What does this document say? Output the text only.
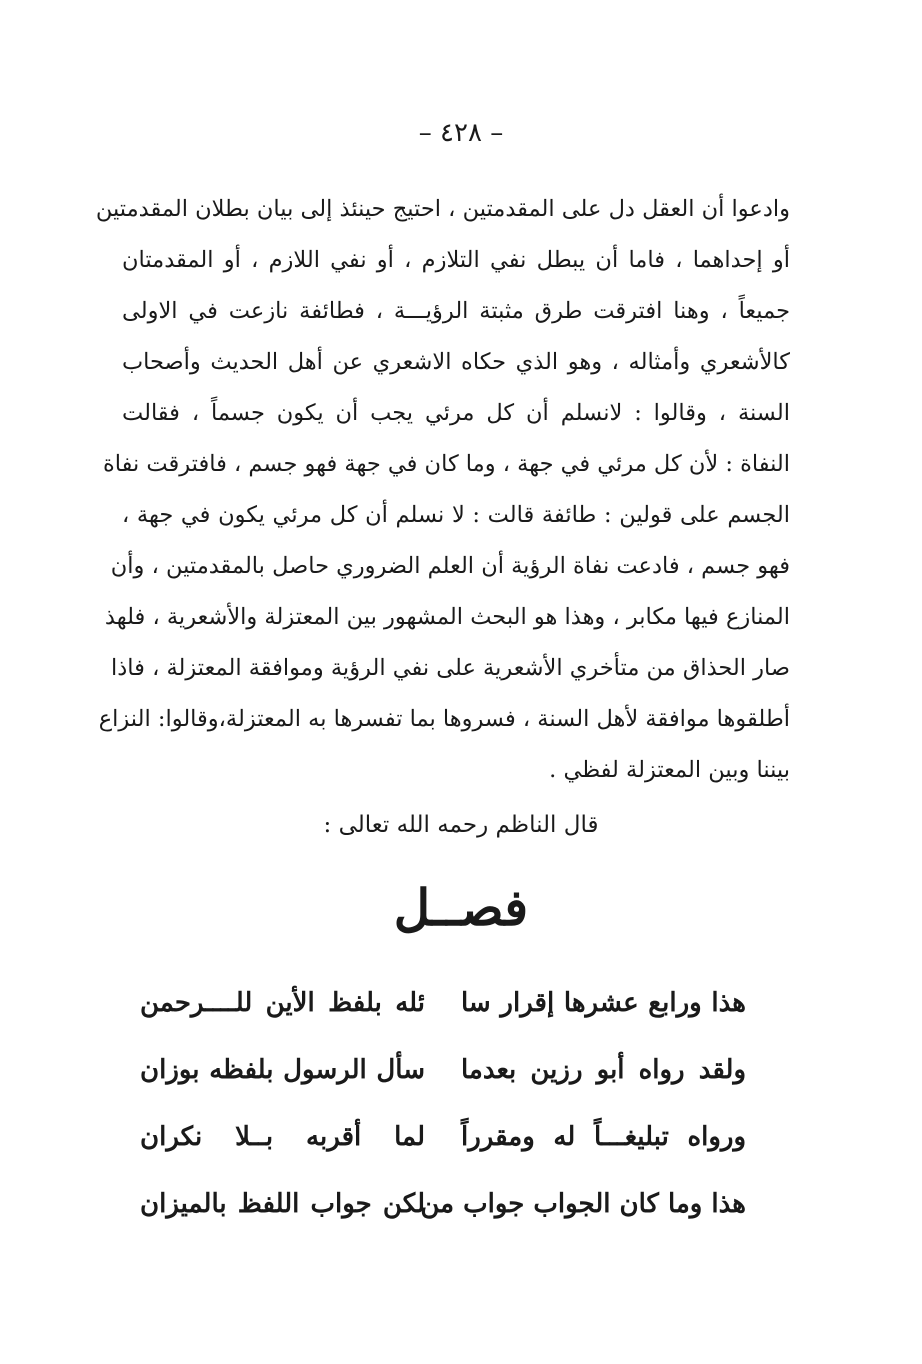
– ٤٢٨ –
وادعوا أن العقل دل على المقدمتين ، احتيج حينئذ إلى بيان بطلان المقدمتين
أو إحداهما ، فاما أن يبطل نفي التلازم ، أو نفي اللازم ، أو المقدمتان
جميعاً ، وهنا افترقت طرق مثبتة الرؤيـــة ، فطائفة نازعت في الاولى
كالأشعري وأمثاله ، وهو الذي حكاه الاشعري عن أهل الحديث وأصحاب
السنة ، وقالوا : لانسلم أن كل مرئي يجب أن يكون جسماً ، فقالت
النفاة : لأن كل مرئي في جهة ، وما كان في جهة فهو جسم ، فافترقت نفاة
الجسم على قولين : طائفة قالت : لا نسلم أن كل مرئي يكون في جهة ،
فهو جسم ، فادعت نفاة الرؤية أن العلم الضروري حاصل بالمقدمتين ، وأن
المنازع فيها مكابر ، وهذا هو البحث المشهور بين المعتزلة والأشعرية ، فلهذ
صار الحذاق من متأخري الأشعرية على نفي الرؤية وموافقة المعتزلة ، فاذا
أطلقوها موافقة لأهل السنة ، فسروها بما تفسرها به المعتزلة،وقالوا: النزاع
بيننا وبين المعتزلة لفظي .
قال الناظم رحمه الله تعالى :
فصــل
هذا ورابع عشرها إقرار سا
ئله بلفظ الأين للــــرحمن
ولقد رواه أبو رزين بعدما
سأل الرسول بلفظه بوزان
ورواه تبليغـــاً له ومقرراً
لما أقربه بــلا نكران
هذا وما كان الجواب جواب من
لكن جواب اللفظ بالميزان
